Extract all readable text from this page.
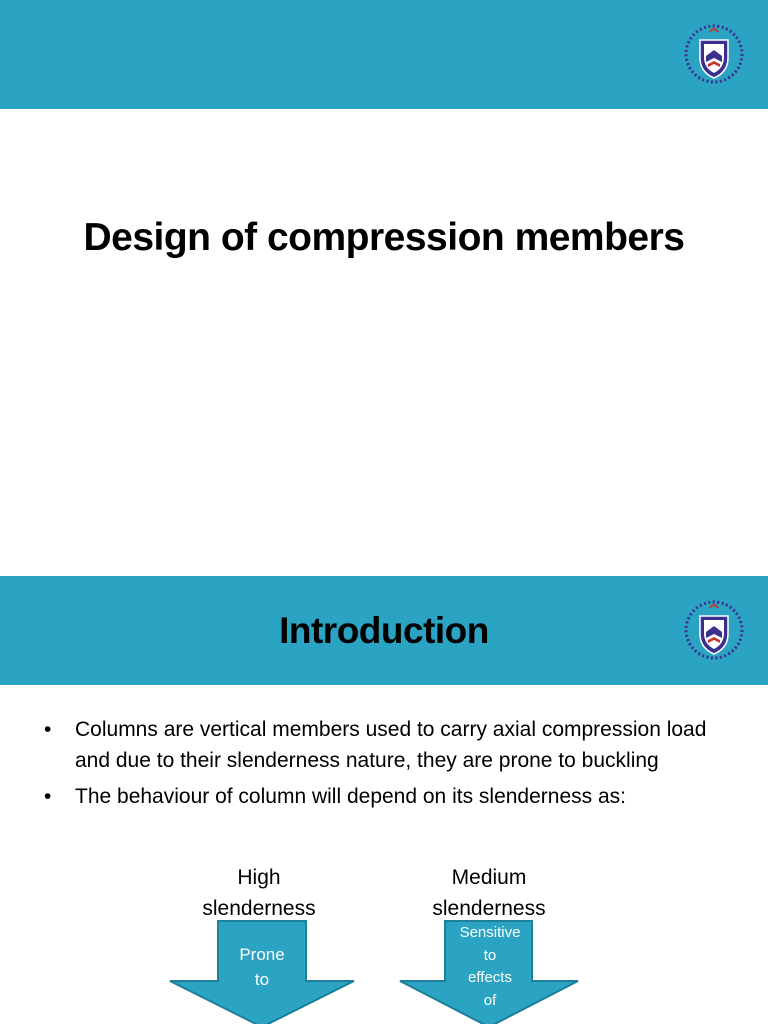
Design of compression members
Introduction
• Columns are vertical members used to carry axial compression load and due to their slenderness nature, they are prone to buckling
• The behaviour of column will depend on its slenderness as:
High
slenderness
Prone
to
Medium
slenderness
Sensitive
to
effects
of
